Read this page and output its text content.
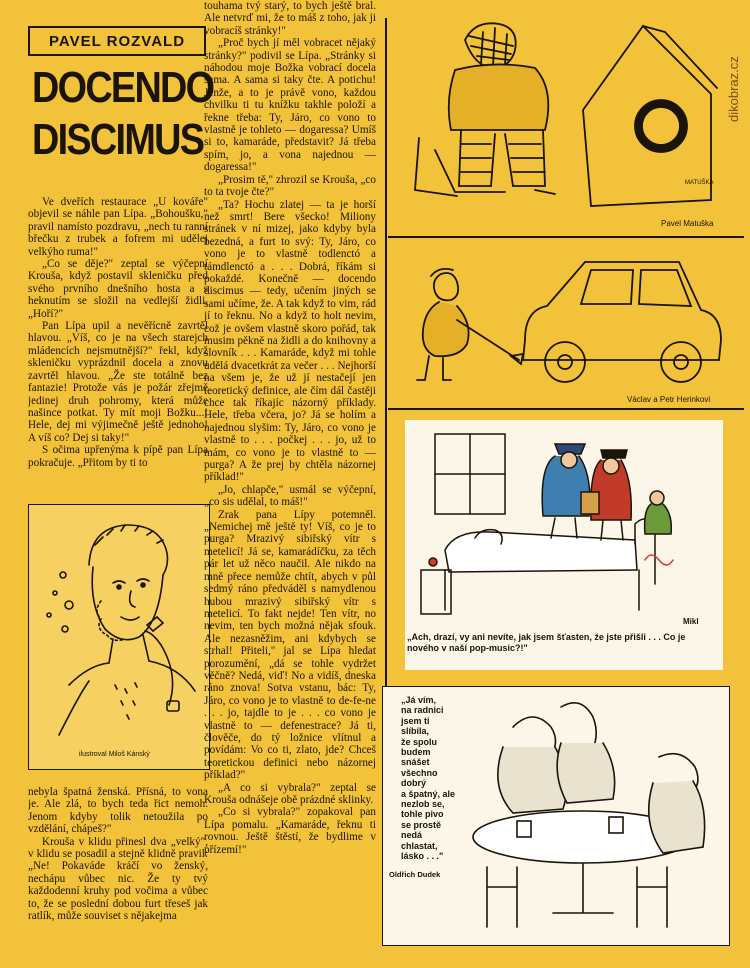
dikobraz.cz
PAVEL ROZVALD
DOCENDO
DISCIMUS

Ve dveřích restaurace „U kováře" objevil se náhle pan Lípa. „Bohoušku," pravil namísto pozdravu, „nech tu ranní břečku z trubek a fofrem mi udělej velkýho ruma!"

„Co se děje?" zeptal se výčepní Krouša, když postavil skleničku před svého prvního dnešního hosta a s heknutím se složil na vedlejší židli. „Hoří?"

Pan Lípa upil a nevěřícně zavrtěl hlavou. „Víš, co je na všech starejch mládencích nejsmutnější?" řekl, když skleničku vyprázdnil docela a znovu zavrtěl hlavou. „Že ste totálně bez fantazie! Protože vás je požár zřejmě jedinej druh pohromy, která může našince potkat. Ty mít moji Božku...! Hele, dej mi výjimečně ještě jednoho! A víš co? Dej si taky!"

S očima upřenýma k pípě pan Lípa pokračuje. „Přitom by ti to

ilustroval Miloš Kánský

nebyla špatná ženská. Přísná, to vona je. Ale zlá, to bych teda řict nemoh. Jenom kdyby tolik netoužila po vzdělání, chápeš?"

Krouša v klidu přinesl dva „velký", v klidu se posadil a stejně klidně pravil: „Ne! Pokaváde kráčí vo ženský, nechápu vůbec nic. Že ty tvý každodenní kruhy pod vočima a vůbec to, že se poslední dobou furt třeseš jak ratlík, může souviset s nějakejma

touhama tvý starý, to bych ještě bral. Ale netvrď mi, že to máš z toho, jak ji vobracíš stránky!"

„Proč bych jí měl vobracet nějaký stránky?" podivil se Lípa. „Stránky si náhodou moje Božka vobrací docela sama. A sama si taky čte. A potichu! Jenže, a to je právě vono, každou chvilku ti tu knížku takhle položí a řekne třeba: Ty, Járo, co vono to vlastně je tohleto — dogaressa? Umíš si to, kamaráde, představit? Já třeba spím, jo, a vona najednou — dogaressa!"

„Prosim tě," zhrozil se Krouša, „co to ta tvoje čte?"

„Ta? Hochu zlatej — ta je horší než smrt! Bere všecko! Miliony stránek v ní mizej, jako kdyby byla bezedná, a furt to svý: Ty, Járo, co vono je to vlastně todlenctó a támdlenctó a . . . Dobrá, říkám si pokaždé. Konečně — docendo discimus — tedy, učením jiných se sami učíme, že. A tak když to vim, rád jí to řeknu. No a když to holt nevim, což je ovšem vlastně skoro pořád, tak musim pěkně na židli a do knihovny a slovník . . . Kamaráde, když mi tohle udělá dvacetkrát za večer . . . Nejhorší na všem je, že už jí nestačejí jen teoretický definice, ale čím dál častěji chce tak říkajíc názorný příklady. Hele, třeba včera, jo? Já se holím a najednou slyšim: Ty, Járo, co vono je vlastně to . . . počkej . . . jo, už to mám, co vono je to vlastně to — purga? A že prej by chtěla názornej příklad!"

„Jo, chlapče," usmál se výčepní, „co sis udělal, to máš!"

Zrak pana Lípy potemněl. „Nemichej mě ještě ty! Víš, co je to purga? Mrazivý sibiřský vítr s metelicí! Já se, kamarádíčku, za těch pár let už něco naučil. Ale nikdo na mně přece nemůže chtít, abych v půl sedmý ráno předváděl s namydlenou hubou mrazivý sibiřský vítr s metelicí. To fakt nejde! Ten vítr, no nevim, ten bych možná nějak sfouk. Ale nezasněžim, ani kdybych se strhal! Přiteli," jal se Lípa hledat porozumění, „dá se tohle vydržet věčně? Nedá, viď! No a vidíš, dneska ráno znova! Sotva vstanu, bác: Ty, Járo, co vono je to vlastně to de-fe-ne . . . jo, tajdle to je . . . co vono je vlastně to — defenestrace? Já ti, člověče, do tý ložnice vlítnul a povídám: Vo co ti, zlato, jde? Chceš teoretickou definici nebo názornej příklad?"

„A co si vybrala?" zeptal se Krouša odnášeje obě prázdné sklinky.

„Co si vybrala?" zopakoval pan Lípa pomalu. „Kamaráde, řeknu ti rovnou. Ještě štěstí, že bydlime v přízemí!"

MATUŠKA
Pavel Matuška
Václav a Petr Herinkovi
Mikl
„Ach, drazí, vy ani nevíte, jak jsem šťasten, že jste přišli . . . Co je nového v naší pop-music?!"
„Já vím,
na radnici
jsem ti
slíbila,
že spolu
budem
snášet
všechno
dobrý
a špatný, ale
nezlob se,
tohle pivo
se prostě
nedá
chlastat,
lásko . . ."
Oldřich Dudek
